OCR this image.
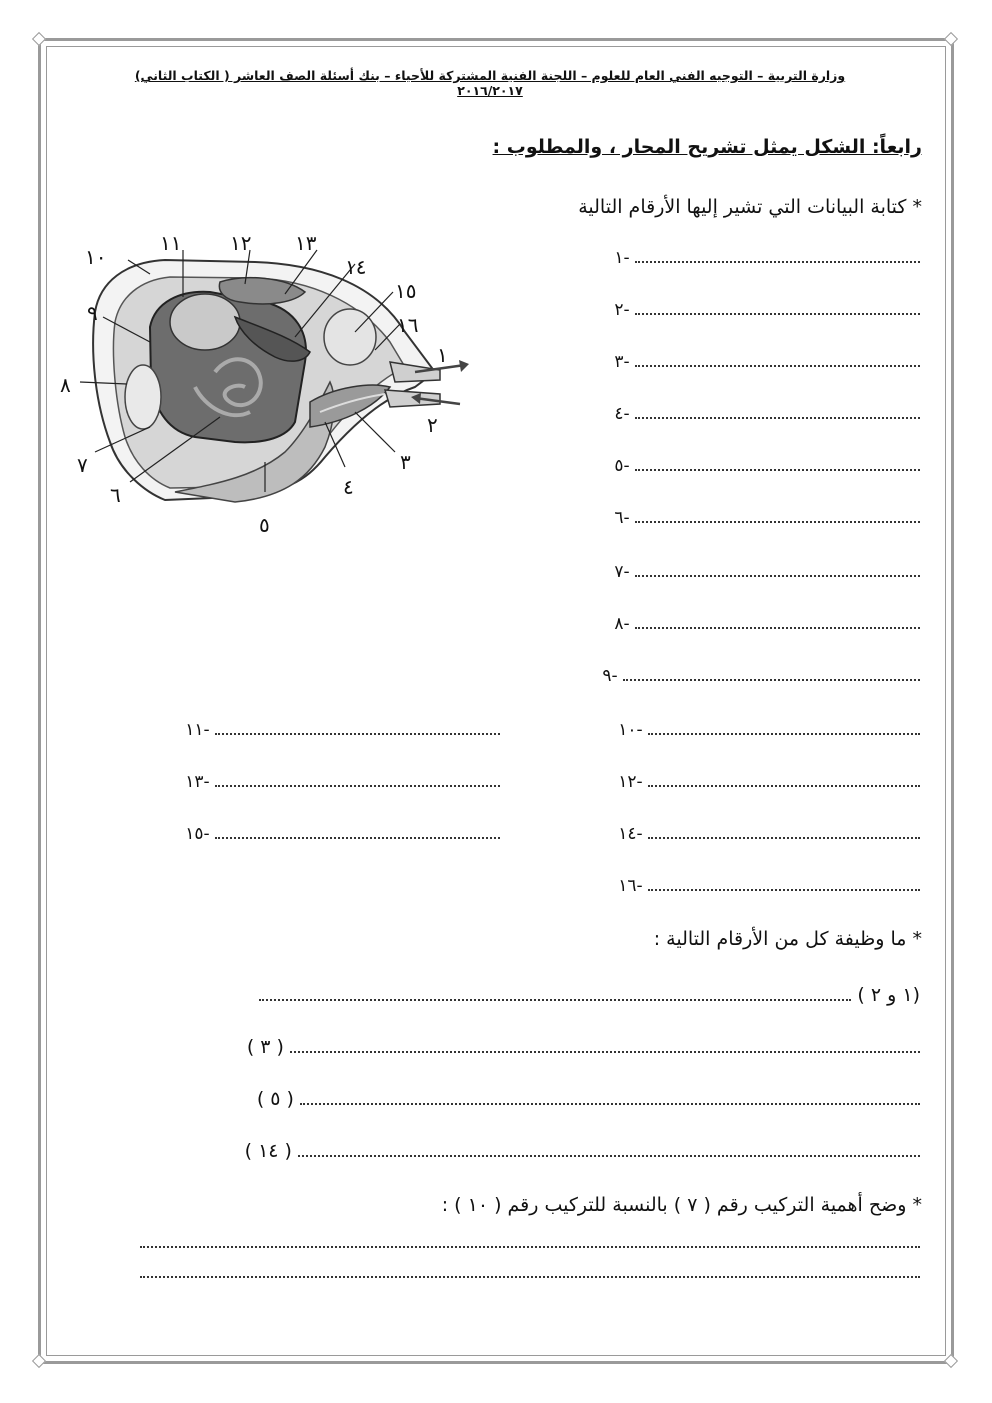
وزارة التربية – التوجيه الفني العام للعلوم – اللجنة الفنية المشتركة للأحياء – بنك أسئلة الصف العاشر ( الكتاب الثاني) ٢٠١٦/٢٠١٧
رابعاً: الشكل يمثل تشريح المحار ، والمطلوب :
* كتابة البيانات التي تشير إليها الأرقام التالية
١٠
١١ ١٢ ١٣
١٤
١٥
١٦
١
٢
٣
٤
٥
٦
٧
٨
٩
١-
٢-
٣-
٤-
٥-
٦-
٧-
٨-
٩-
١٠-
١١-
١٢-
١٣-
١٤-
١٥-
١٦-
* ما وظيفة كل من الأرقام التالية :
(١ و ٢ )
( ٣ )
( ٥ )
( ١٤ )
* وضح أهمية التركيب رقم ( ٧ ) بالنسبة للتركيب رقم ( ١٠ ) :
